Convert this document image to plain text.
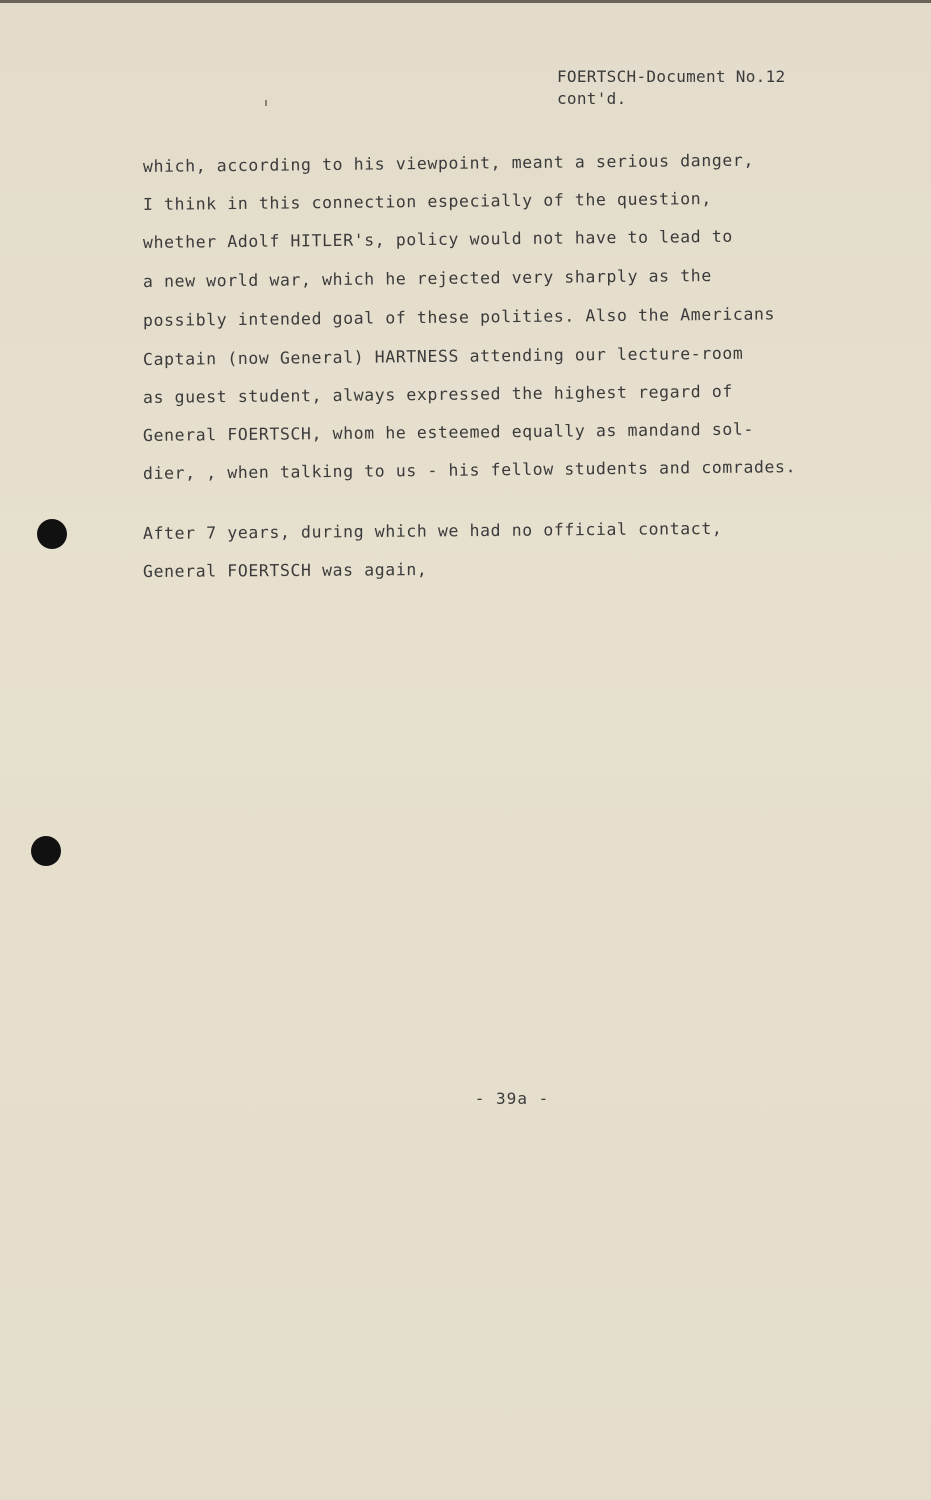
FOERTSCH-Document No.12
cont'd.
which, according to his viewpoint, meant a serious danger,
I think in this connection especially of the question,
whether Adolf HITLER's, policy would not have to lead to
a new world war, which he rejected very sharply as the
possibly intended goal of these polities. Also the Americans
Captain (now General) HARTNESS attending our lecture-room
as guest student, always expressed the highest regard of
General FOERTSCH, whom he esteemed equally as mandand sol-
dier, , when talking to us - his fellow students and comrades.
After 7 years, during which we had no official contact,
General FOERTSCH was again,
- 39a -
